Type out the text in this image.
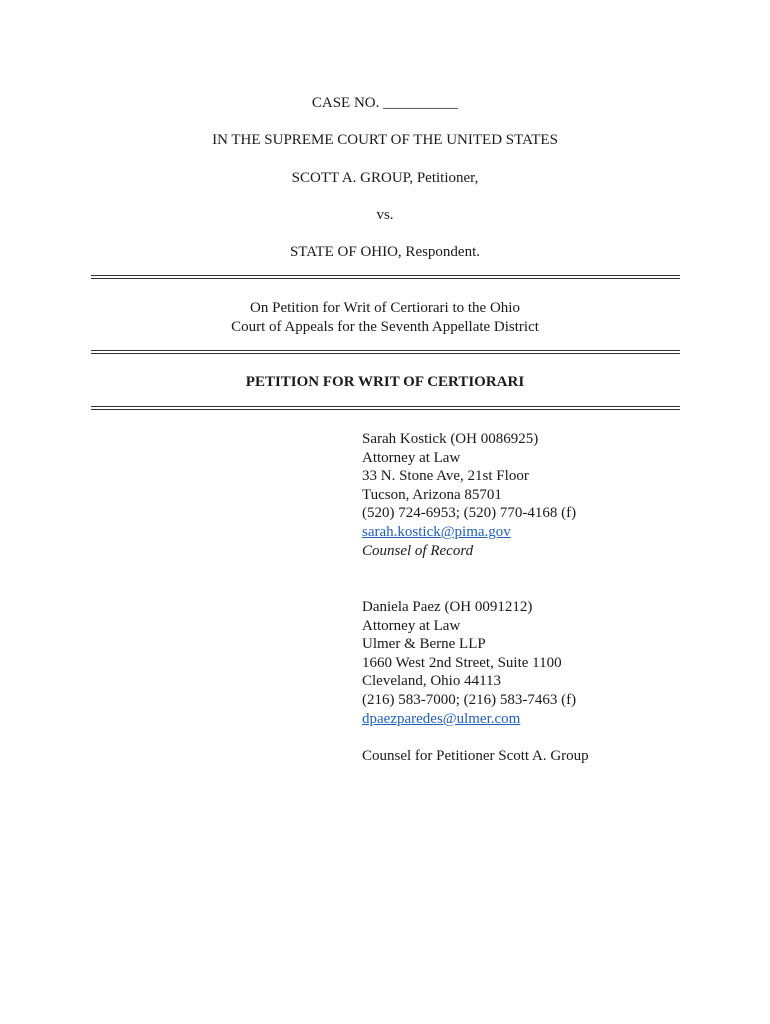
CASE NO. __________
IN THE SUPREME COURT OF THE UNITED STATES
SCOTT A. GROUP, Petitioner,
vs.
STATE OF OHIO, Respondent.
On Petition for Writ of Certiorari to the Ohio
Court of Appeals for the Seventh Appellate District
PETITION FOR WRIT OF CERTIORARI
Sarah Kostick (OH 0086925)
Attorney at Law
33 N. Stone Ave, 21st Floor
Tucson, Arizona 85701
(520) 724-6953; (520) 770-4168 (f)
sarah.kostick@pima.gov
Counsel of Record
Daniela Paez (OH 0091212)
Attorney at Law
Ulmer & Berne LLP
1660 West 2nd Street, Suite 1100
Cleveland, Ohio 44113
(216) 583-7000; (216) 583-7463 (f)
dpaezparedes@ulmer.com
Counsel for Petitioner Scott A. Group
